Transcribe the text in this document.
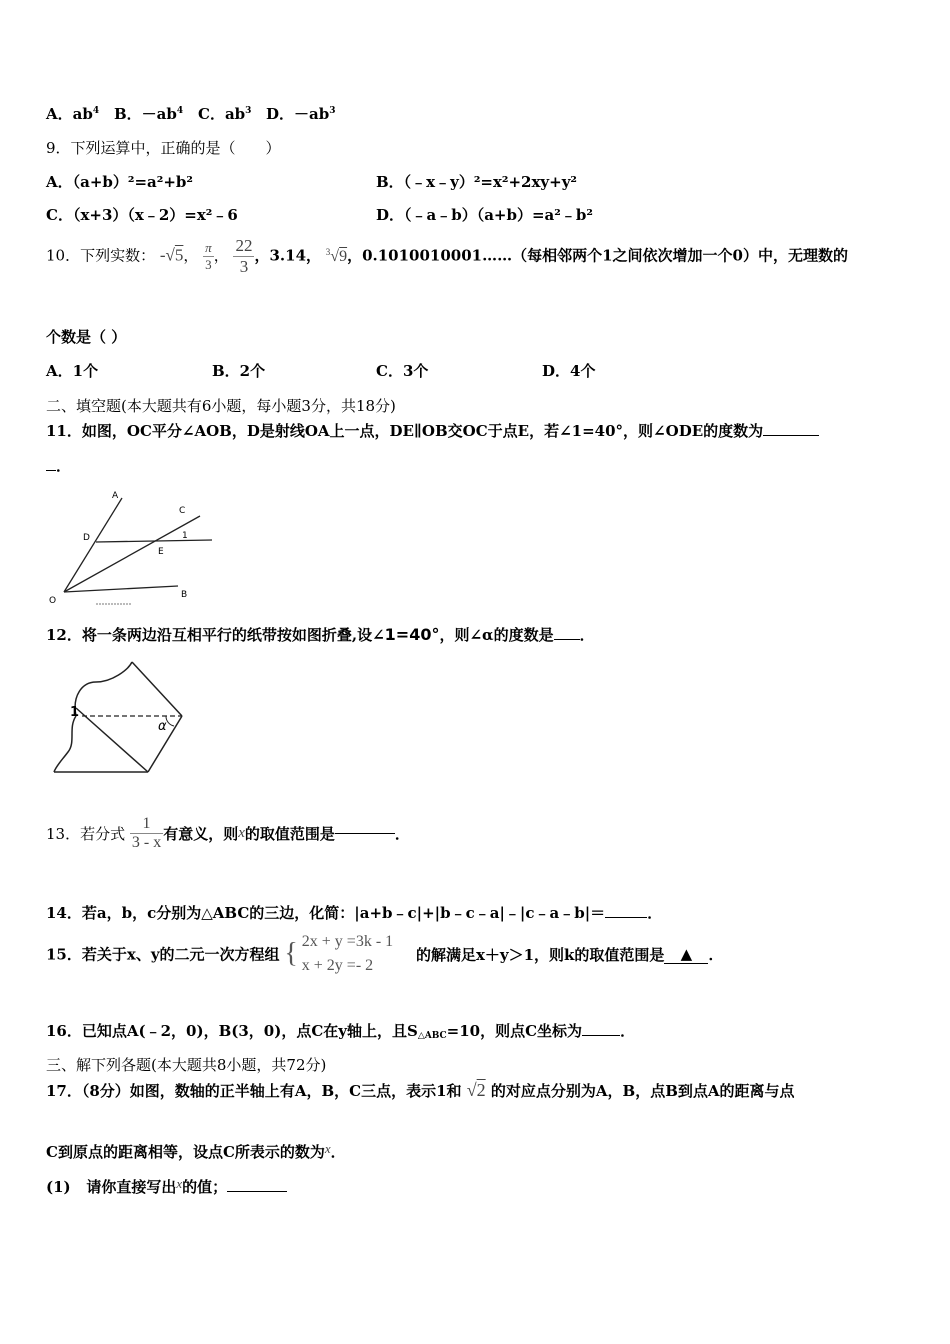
A．$ab^4$ B．$-ab^4$ C．$ab^3$ D．$-ab^3$
9．下列运算中，正确的是（　　）
A．（a+b）²=a²+b²	B．（﹣x﹣y）²=x²+2xy+y²
C．（x+3）（x﹣2）=x²﹣6	D．（﹣a﹣b）（a+b）=a²﹣b²
10．下列实数： -√5， $\frac{\pi}{3}$ ， $\frac{22}{3}$ ，3.14， $^3$√9，0.1010010001……（每相邻两个1之间依次增加一个0）中，无理数的
个数是（ ）
A．1个	B．2个	C．3个	D．4个
二、填空题(本大题共有6小题，每小题3分，共18分)
11．如图，OC平分∠AOB，D是射线OA上一点，DE∥OB交OC于点E，若∠1=40°，则∠ODE的度数为
．
A
C
D	1
E
O
B
12．将一条两边沿互相平行的纸带按如图折叠,设∠1=40°，则∠α的度数是 ．
1
α
13．若分式 $\frac{1}{3 - x}$ 有意义，则x的取值范围是	．
14．若a，b，c分别为△ABC的三边，化简：|a+b﹣c|+|b﹣c﹣a|﹣|c﹣a﹣b|＝	．
15．若关于x、y的二元一次方程组 { 2x + y =3k - 1
x + 2y =- 2
的解满足x＋y＞1，则k的取值范围是 ▲ ．
16．已知点A(﹣2，0)，B(3，0)，点C在y轴上，且S△ABC=10，则点C坐标为	．
三、解下列各题(本大题共8小题，共72分)
17．（8分）如图，数轴的正半轴上有A，B，C三点，表示1和 √2 的对应点分别为A，B，点B到点A的距离与点
C到原点的距离相等，设点C所表示的数为x．
(1) 请你直接写出x的值；
